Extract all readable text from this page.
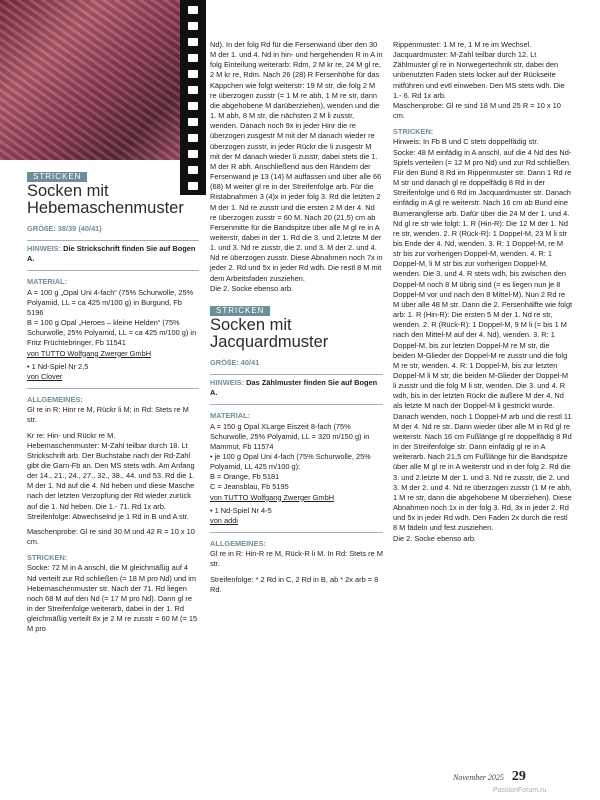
STRICKEN
Socken mit
Hebemaschenmuster
GRÖßE: 38/39 (40/41)

HINWEIS: Die Strickschrift finden Sie auf Bogen A.

MATERIAL:

A = 100 g „Opal Uni 4-fach“ (75% Schurwolle, 25% Polyamid, LL = ca 425 m/100 g) in Burgund, Fb 5196

B = 100 g Opal „Heroes – kleine Helden“ (75% Schurwolle, 25% Polyamid, LL = ca 425 m/100 g) in Fritz Früchtebringer, Fb 11541

von TUTTO Wolfgang Zwerger GmbH

• 1 Nd-Spiel Nr 2,5

von Clover

ALLGEMEINES:

Gl re in R: Hinr re M, Rückr li M; in Rd: Stets re M str.

Kr re: Hin- und Rückr re M.

Hebemaschenmuster: M-Zahl teilbar durch 18. Lt Strickschrift arb. Der Buchstabe nach der Rd-Zahl gibt die Garn-Fb an. Den MS stets wdh. Am Anfang der 14., 21., 24., 27., 32., 38., 44. und 53. Rd die 1. M der 1. Nd auf die 4. Nd heben und diese Masche nach der letzten Verzopfung der Rd wieder zurück auf die 1. Nd heben. Die 1.- 71. Rd 1x arb.

Streifenfolge: Abwechselnd je 1 Rd in B und A str.

Maschenprobe: Gl re sind 30 M und 42 R = 10 x 10 cm.

STRICKEN:

Socke: 72 M in A anschl, die M gleichmäßig auf 4 Nd verteilt zur Rd schließen (= 18 M pro Nd) und im Hebemaschenmuster str. Nach der 71. Rd liegen noch 68 M auf den Nd (= 17 M pro Nd). Dann gl re in der Streifenfolge weiterarb, dabei in der 1. Rd gleichmäßig verteilt 8x je 2 M re zusstr = 60 M (= 15 M pro

Nd). In der folg Rd für die Fersenwand über den 30 M der 1. und 4. Nd in hin- und hergehenden R in A in folg Einteilung weiterarb: Rdm, 2 M kr re, 24 M gl re, 2 M kr re, Rdm. Nach 26 (28) R Fersenhöhe für das Käppchen wie folgt weiterstr: 19 M str, die folg 2 M re überzogen zusstr (= 1 M re abh, 1 M re str, dann die abgehobene M darüberziehen), wenden und die 1. M abh, 8 M str, die nächsten 2 M li zusstr, wenden. Danach noch 9x in jeder Hinr die re überzogen zusgestr M mit der M danach wieder re überzogen zusstr, in jeder Rückr die li zusgestr M mit der M danach wieder li zusstr, dabei stets die 1. M der R abh. Anschließend aus den Rändern der Fersenwand je 13 (14) M auffassen und über alle 66 (68) M weiter gl re in der Streifenfolge arb. Für die Ristabnahmen 3 (4)x in jeder folg 3. Rd die letzten 2 M der 1. Nd re zusstr und die ersten 2 M der 4. Nd re überzogen zusstr = 60 M. Nach 20 (21,5) cm ab Fersenmitte für die Bandspitze über alle M gl re in A weiterstr, dabei in der 1. Rd die 3. und 2.letzte M der 1. und 3. Nd re zusstr, die 2. und 3. M der 2. und 4. Nd re überzogen zusstr. Diese Abnahmen noch 7x in jeder 2. Rd und 5x in jeder Rd wdh. Die restl 8 M mit dem Arbeitsfaden zusziehen.
Die 2. Socke ebenso arb.

STRICKEN
Socken mit
Jacquardmuster
GRÖßE: 40/41

HINWEIS: Das Zählmuster finden Sie auf Bogen A.

MATERIAL:

A = 150 g Opal XLarge Eiszeit 8-fach (75% Schurwolle, 25% Polyamid, LL = 320 m/150 g) in Mammut, Fb 11574

• je 100 g Opal Uni 4-fach (75% Schurwolle, 25% Polyamid, LL 425 m/100 g):

B = Orange, Fb 5181

C = Jeansblau, Fb 5195

von TUTTO Wolfgang Zwerger GmbH

• 1 Nd-Spiel Nr 4-5

von addi

ALLGEMEINES:

Gl re in R: Hin-R re M, Rück-R li M. In Rd: Stets re M str.

Streifenfolge: * 2 Rd in C, 2 Rd in B, ab * 2x arb = 8 Rd.

Rippenmuster: 1 M re, 1 M re im Wechsel.

Jacquardmuster: M-Zahl teilbar durch 12. Lt Zählmuster gl re in Norwegertechnik str, dabei den unbenutzten Faden stets locker auf der Rückseite mitführen und evtl einweben. Den MS stets wdh. Die 1.- 6. Rd 1x arb.

Maschenprobe: Gl re sind 18 M und 25 R = 10 x 10 cm.

STRICKEN:

Hinweis: In Fb B und C stets doppelfädig str.

Socke: 48 M einfädig in A anschl, auf die 4 Nd des Nd-Spiels verteilen (= 12 M pro Nd) und zur Rd schließen. Für den Bund 8 Rd im Rippenmuster str. Dann 1 Rd re M str und danach gl re doppelfädig 8 Rd in der Streifenfolge und 6 Rd im Jacquardmuster str. Danach einfädig in A gl re weiterstr. Nach 16 cm ab Bund eine Bumerangferse arb. Dafür über die 24 M der 1. und 4. Nd gl re str wie folgt: 1. R (Hin-R): Die 12 M der 1. Nd re str, wenden. 2. R (Rück-R): 1 Doppel-M, 23 M li str bis Ende der 4. Nd, wenden. 3. R: 1 Doppel-M, re M str bis zur vorherigen Doppel-M, wenden. 4. R: 1 Doppel-M, li M str bis zur vorherigen Doppel-M, wenden. Die 3. und 4. R stets wdh, bis zwischen den Doppel-M noch 8 M übrig sind (= es liegen nun je 8 Doppel-M vor und nach den 8 Mittel-M). Nun 2 Rd re M über alle 48 M str. Dann die 2. Fersenhälfte wie folgt arb: 1. R (Hin-R): Die ersten 5 M der 1. Nd re str, wenden. 2. R (Rück-R): 1 Doppel-M, 9 M li (= bis 1 M nach den Mittel-M auf der 4. Nd), wenden. 3. R: 1 Doppel-M, bis zur letzten Doppel-M re M str, die beiden M-Glieder der Doppel-M re zusstr und die folg M re str, wenden. 4. R: 1 Doppel-M, bis zur letzten Doppel-M li M str, die beiden M-Glieder der Doppel-M li zusstr und die folg M li str, wenden. Die 3. und 4. R wdh, bis in der letzten Rückr die äußere M der 4. Nd als letzte M nach der Doppel-M li gestrickt wurde. Danach wenden, noch 1 Doppel-M arb und die restl 11 M der 4. Nd re str. Dann wieder über alle M in Rd gl re weiterstr. Nach 16 cm Fußlänge gl re doppelfädig 8 Rd in der Streifenfolge str. Dann einfädig gl re in A weiterarb. Nach 21,5 cm Fußlänge für die Bandspitze über alle M gl re in A weiterstr und in der folg 2. Rd die 3. und 2.letzte M der 1. und 3. Nd re zusstr, die 2. und 3. M der 2. und 4. Nd re überzogen zusstr (1 M re abh, 1 M re str, dann die abgehobene M überziehen). Diese Abnahmen noch 1x in der folg 3. Rd, 3x in jeder 2. Rd und 5x in jeder Rd wdh. Den Faden 2x durch die restl 8 M fädeln und fest zusziehen.

Die 2. Socke ebenso arb.

November 2025 29
PassionForum.ru
